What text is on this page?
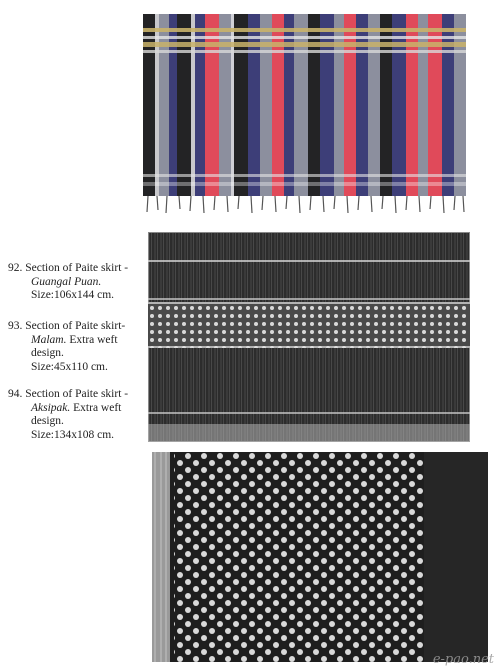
92. Section of Paite skirt -
Guangal Puan.
Size:106x144 cm.
93. Section of Paite skirt-
Malam. Extra weft design.
Size:45x110 cm.
94. Section of Paite skirt -
Aksipak. Extra weft design.
Size:134x108 cm.
e-pao.net
